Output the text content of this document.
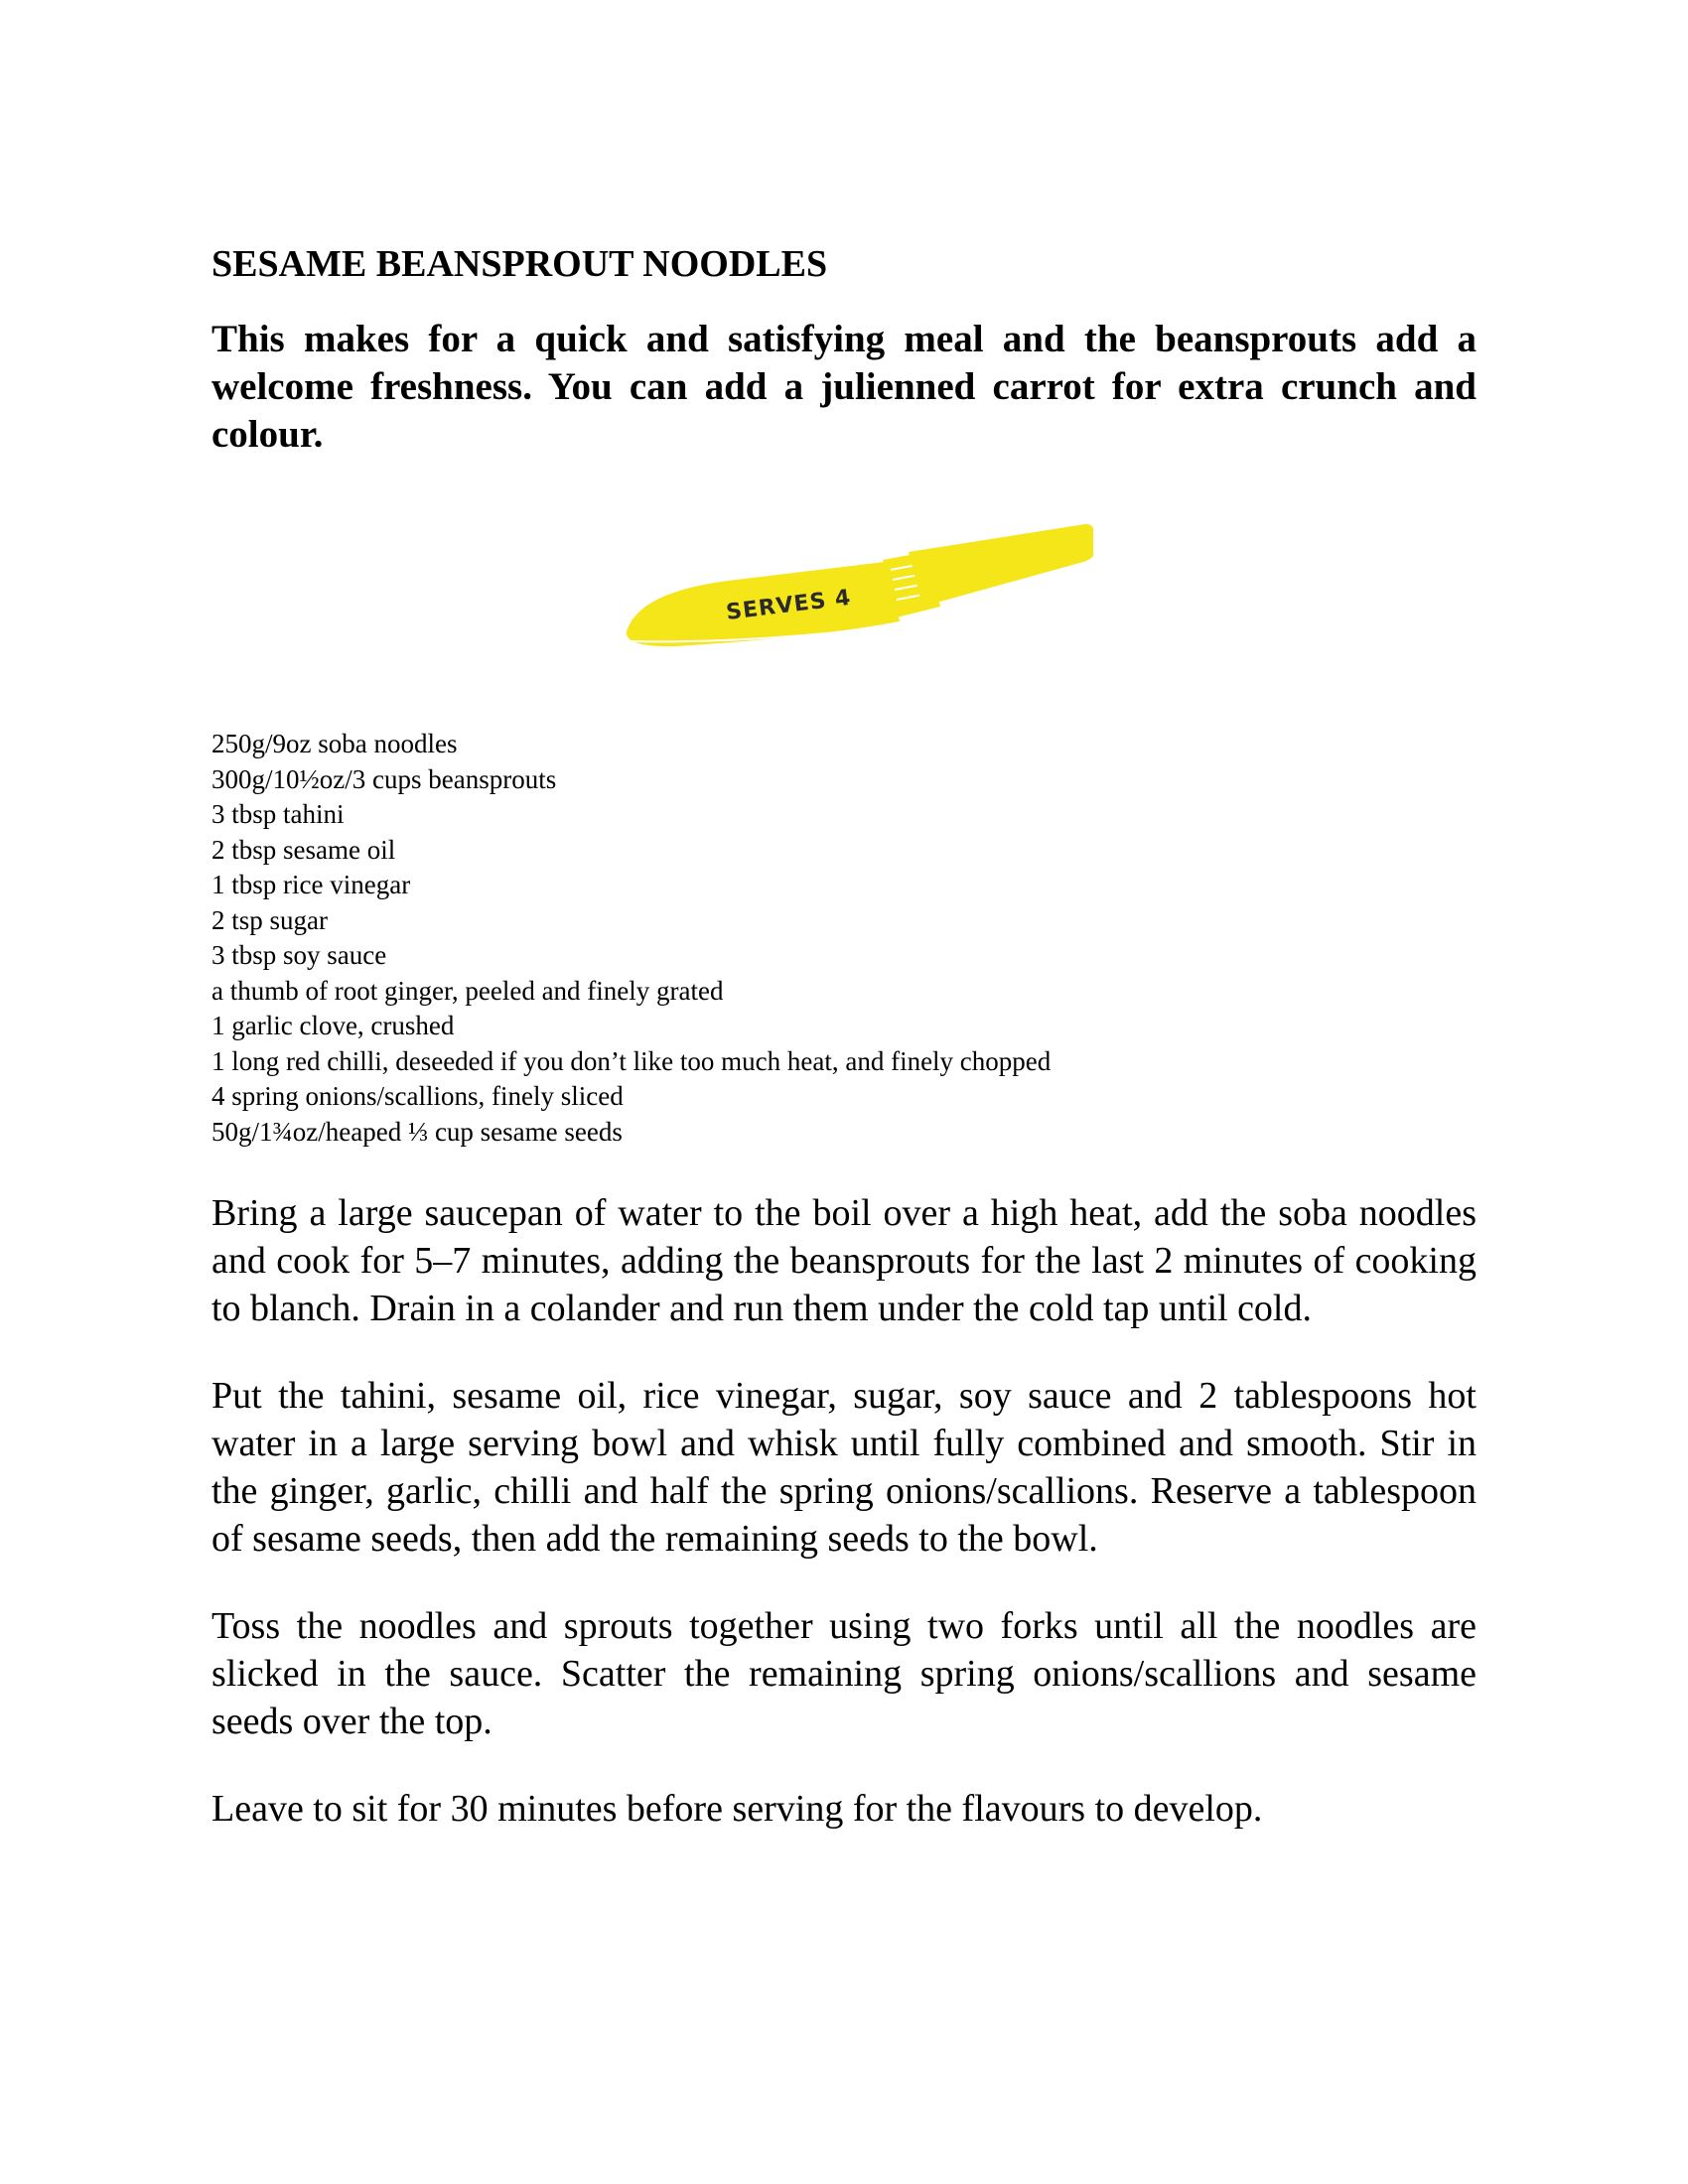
SESAME BEANSPROUT NOODLES

This makes for a quick and satisfying meal and the beansprouts add a welcome freshness. You can add a julienned carrot for extra crunch and colour.

SERVES 4
250g/9oz soba noodles
300g/10½oz/3 cups beansprouts
3 tbsp tahini
2 tbsp sesame oil
1 tbsp rice vinegar
2 tsp sugar
3 tbsp soy sauce
a thumb of root ginger, peeled and finely grated
1 garlic clove, crushed
1 long red chilli, deseeded if you don’t like too much heat, and finely chopped
4 spring onions/scallions, finely sliced
50g/1¾oz/heaped ⅓ cup sesame seeds

Bring a large saucepan of water to the boil over a high heat, add the soba noodles and cook for 5–7 minutes, adding the beansprouts for the last 2 minutes of cooking to blanch. Drain in a colander and run them under the cold tap until cold.

Put the tahini, sesame oil, rice vinegar, sugar, soy sauce and 2 tablespoons hot water in a large serving bowl and whisk until fully combined and smooth. Stir in the ginger, garlic, chilli and half the spring onions/scallions. Reserve a tablespoon of sesame seeds, then add the remaining seeds to the bowl.

Toss the noodles and sprouts together using two forks until all the noodles are slicked in the sauce. Scatter the remaining spring onions/scallions and sesame seeds over the top.

Leave to sit for 30 minutes before serving for the flavours to develop.
